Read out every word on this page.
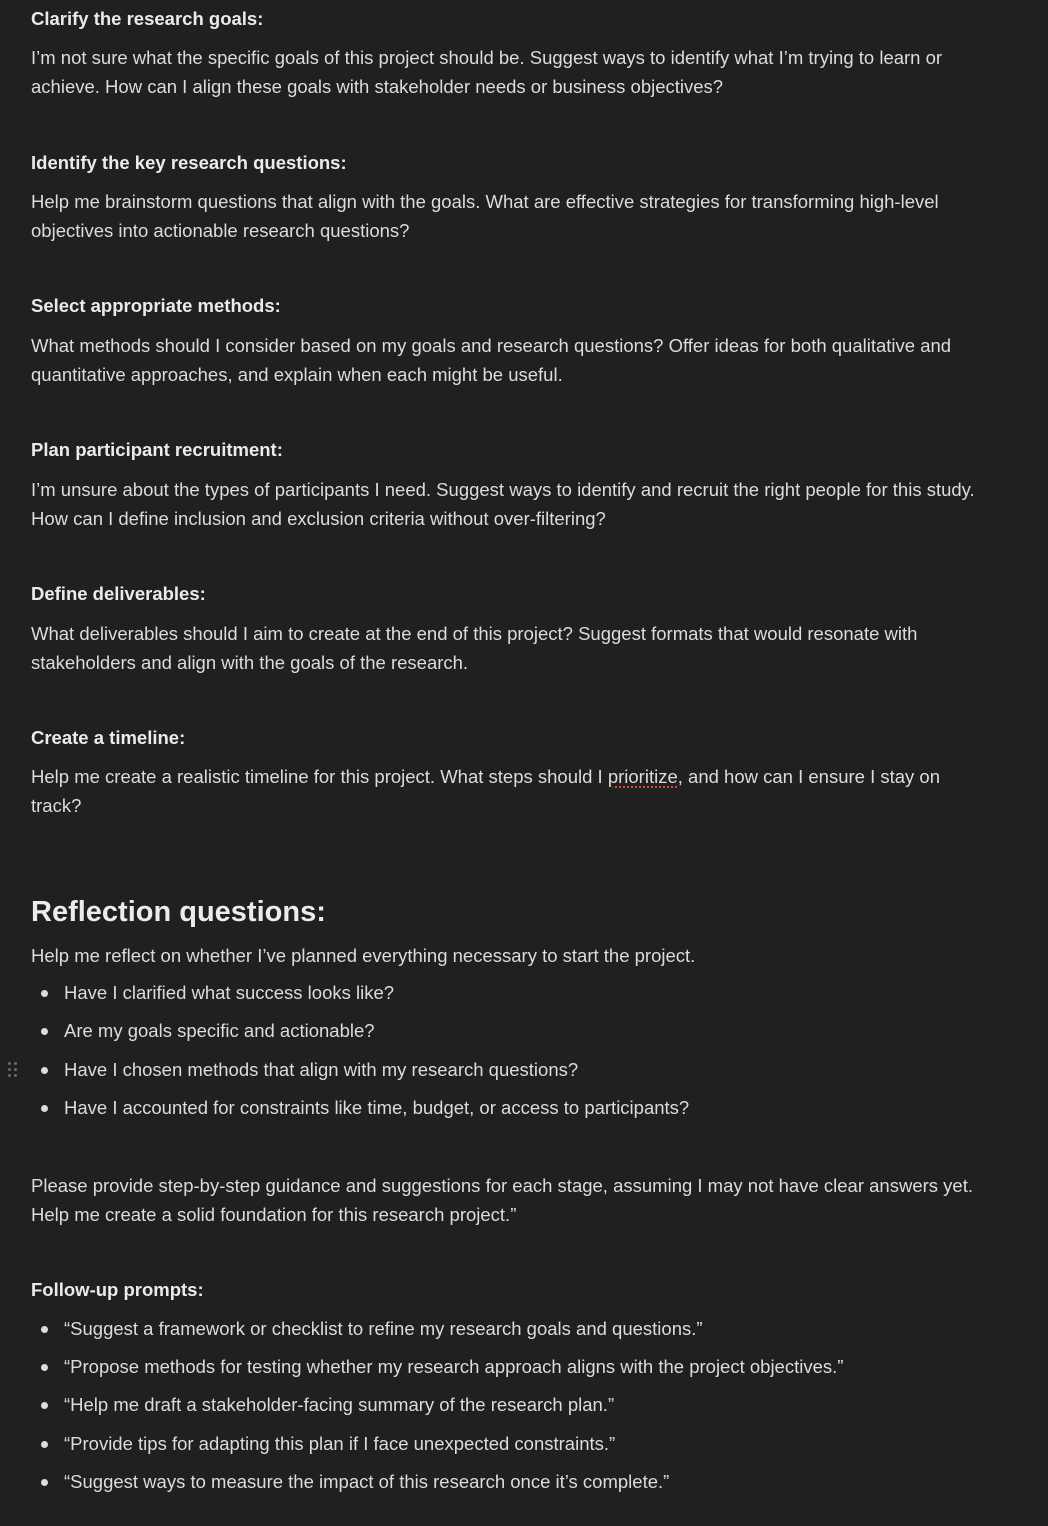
Clarify the research goals:
I’m not sure what the specific goals of this project should be. Suggest ways to identify what I’m trying to learn or achieve. How can I align these goals with stakeholder needs or business objectives?
Identify the key research questions:
Help me brainstorm questions that align with the goals. What are effective strategies for transforming high-level objectives into actionable research questions?
Select appropriate methods:
What methods should I consider based on my goals and research questions? Offer ideas for both qualitative and quantitative approaches, and explain when each might be useful.
Plan participant recruitment:
I’m unsure about the types of participants I need. Suggest ways to identify and recruit the right people for this study. How can I define inclusion and exclusion criteria without over-filtering?
Define deliverables:
What deliverables should I aim to create at the end of this project? Suggest formats that would resonate with stakeholders and align with the goals of the research.
Create a timeline:
Help me create a realistic timeline for this project. What steps should I prioritize, and how can I ensure I stay on track?
Reflection questions:
Help me reflect on whether I’ve planned everything necessary to start the project.
Have I clarified what success looks like?
Are my goals specific and actionable?
Have I chosen methods that align with my research questions?
Have I accounted for constraints like time, budget, or access to participants?
Please provide step-by-step guidance and suggestions for each stage, assuming I may not have clear answers yet. Help me create a solid foundation for this research project.”
Follow-up prompts:
“Suggest a framework or checklist to refine my research goals and questions.”
“Propose methods for testing whether my research approach aligns with the project objectives.”
“Help me draft a stakeholder-facing summary of the research plan.”
“Provide tips for adapting this plan if I face unexpected constraints.”
“Suggest ways to measure the impact of this research once it’s complete.”
